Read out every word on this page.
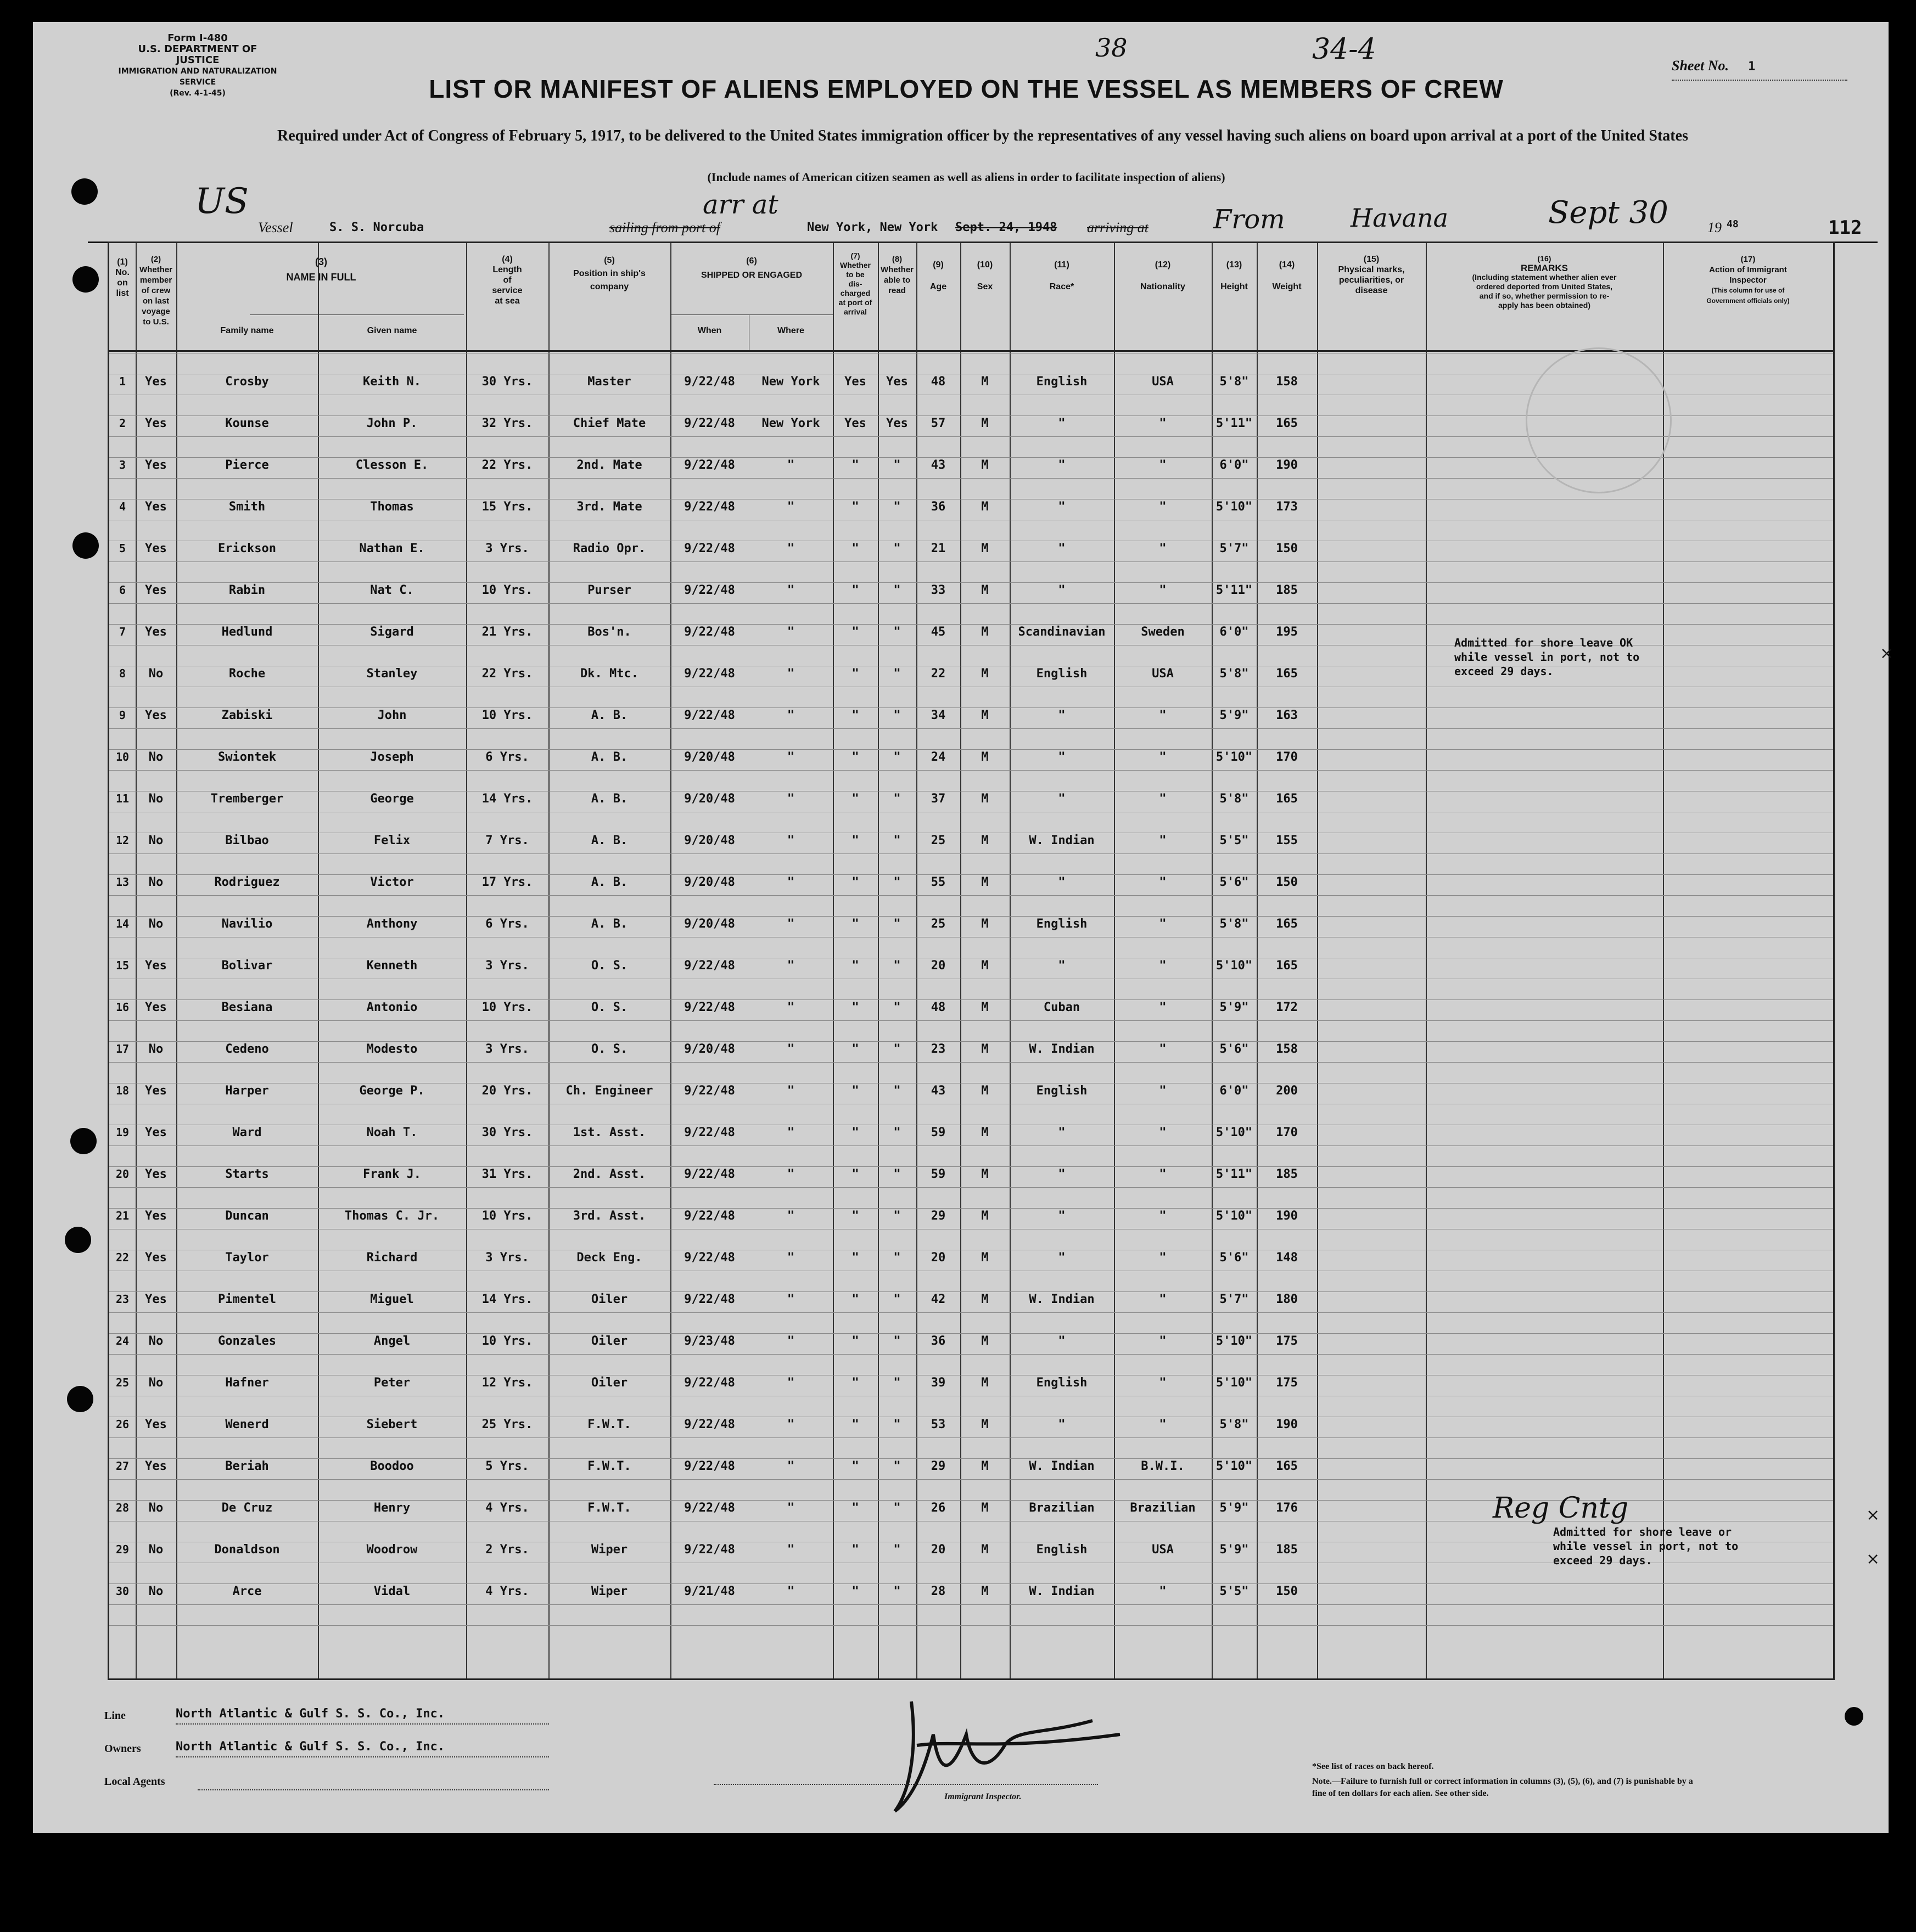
Form I-480
U.S. DEPARTMENT OF JUSTICE
IMMIGRATION AND NATURALIZATION SERVICE
(Rev. 4-1-45)
38	34-4	Sheet No. 1
LIST OR MANIFEST OF ALIENS EMPLOYED ON THE VESSEL AS MEMBERS OF CREW
Required under Act of Congress of February 5, 1917, to be delivered to the United States immigration officer by the representatives of any vessel having such aliens on board upon arrival at a port of the United States
(Include names of American citizen seamen as well as aliens in order to facilitate inspection of aliens)
US
Vessel	S. S. Norcuba	sailing from port of
arr at
New York, New York Sept. 24, 1948 arriving at From	Havana	Sept 30	19 48	112
(1)
No.
on
list
(2)
Whether
member
of crew
on last
voyage
to U.S.
(3)
NAME IN FULL
Family name	Given name
(4)
Length
of
service
at sea
(5)
Position in ship's
company
(6)
SHIPPED OR ENGAGED
When	Where
(7)
Whether
to be
dis-
charged
at port of
arrival
(8)
Whether
able to
read
(9)
Age
(10)
Sex
(11)
Race*
(12)
Nationality
(13)
Height
(14)
Weight
(15)
Physical marks,
peculiarities, or
disease
(16)
REMARKS
(Including statement whether alien ever
ordered deported from United States,
and if so, whether permission to re-
apply has been obtained)
(17)
Action of Immigrant
Inspector
(This column for use of
Government officials only)
1	Yes	Crosby	Keith N.	30 Yrs.	Master	9/22/48	New York	Yes	Yes	48	M	English	USA	5'8"	158
2	Yes	Kounse	John P.	32 Yrs.	Chief Mate	9/22/48	New York	Yes	Yes	57	M	"	"	5'11"	165
3	Yes	Pierce	Clesson E.	22 Yrs.	2nd. Mate	9/22/48	"	"	"	43	M	"	"	6'0"	190
4	Yes	Smith	Thomas	15 Yrs.	3rd. Mate	9/22/48	"	"	"	36	M	"	"	5'10"	173
5	Yes	Erickson	Nathan E.	3 Yrs.	Radio Opr.	9/22/48	"	"	"	21	M	"	"	5'7"	150
6	Yes	Rabin	Nat C.	10 Yrs.	Purser	9/22/48	"	"	"	33	M	"	"	5'11"	185
7	Yes	Hedlund	Sigard	21 Yrs.	Bos'n.	9/22/48	"	"	"	45	M	Scandinavian	Sweden	6'0"	195
8	No	Roche	Stanley	22 Yrs.	Dk. Mtc.	9/22/48	"	"	"	22	M	English	USA	5'8"	165
9	Yes	Zabiski	John	10 Yrs.	A. B.	9/22/48	"	"	"	34	M	"	"	5'9"	163
10	No	Swiontek	Joseph	6 Yrs.	A. B.	9/20/48	"	"	"	24	M	"	"	5'10"	170
11	No	Tremberger	George	14 Yrs.	A. B.	9/20/48	"	"	"	37	M	"	"	5'8"	165
12	No	Bilbao	Felix	7 Yrs.	A. B.	9/20/48	"	"	"	25	M	W. Indian	"	5'5"	155
13	No	Rodriguez	Victor	17 Yrs.	A. B.	9/20/48	"	"	"	55	M	"	"	5'6"	150
14	No	Navilio	Anthony	6 Yrs.	A. B.	9/20/48	"	"	"	25	M	English	"	5'8"	165
15	Yes	Bolivar	Kenneth	3 Yrs.	O. S.	9/22/48	"	"	"	20	M	"	"	5'10"	165
16	Yes	Besiana	Antonio	10 Yrs.	O. S.	9/22/48	"	"	"	48	M	Cuban	"	5'9"	172
17	No	Cedeno	Modesto	3 Yrs.	O. S.	9/20/48	"	"	"	23	M	W. Indian	"	5'6"	158
18	Yes	Harper	George P.	20 Yrs.	Ch. Engineer	9/22/48	"	"	"	43	M	English	"	6'0"	200
19	Yes	Ward	Noah T.	30 Yrs.	1st. Asst.	9/22/48	"	"	"	59	M	"	"	5'10"	170
20	Yes	Starts	Frank J.	31 Yrs.	2nd. Asst.	9/22/48	"	"	"	59	M	"	"	5'11"	185
21	Yes	Duncan	Thomas C. Jr.	10 Yrs.	3rd. Asst.	9/22/48	"	"	"	29	M	"	"	5'10"	190
22	Yes	Taylor	Richard	3 Yrs.	Deck Eng.	9/22/48	"	"	"	20	M	"	"	5'6"	148
23	Yes	Pimentel	Miguel	14 Yrs.	Oiler	9/22/48	"	"	"	42	M	W. Indian	"	5'7"	180
24	No	Gonzales	Angel	10 Yrs.	Oiler	9/23/48	"	"	"	36	M	"	"	5'10"	175
25	No	Hafner	Peter	12 Yrs.	Oiler	9/22/48	"	"	"	39	M	English	"	5'10"	175
26	Yes	Wenerd	Siebert	25 Yrs.	F.W.T.	9/22/48	"	"	"	53	M	"	"	5'8"	190
27	Yes	Beriah	Boodoo	5 Yrs.	F.W.T.	9/22/48	"	"	"	29	M	W. Indian	B.W.I.	5'10"	165
28	No	De Cruz	Henry	4 Yrs.	F.W.T.	9/22/48	"	"	"	26	M	Brazilian	Brazilian	5'9"	176
29	No	Donaldson	Woodrow	2 Yrs.	Wiper	9/22/48	"	"	"	20	M	English	USA	5'9"	185
30	No	Arce	Vidal	4 Yrs.	Wiper	9/21/48	"	"	"	28	M	W. Indian	"	5'5"	150
Admitted for shore leave OK
while vessel in port, not to
exceed 29 days.
Reg Cntg
Admitted for shore leave or
while vessel in port, not to
exceed 29 days.
×
×
×
Line	North Atlantic & Gulf S. S. Co., Inc.
Owners	North Atlantic & Gulf S. S. Co., Inc.
Local Agents
Immigrant Inspector.
*See list of races on back hereof.
Note.—Failure to furnish full or correct information in columns (3), (5), (6), and (7) is punishable by a fine of ten dollars for each alien. See other side.
